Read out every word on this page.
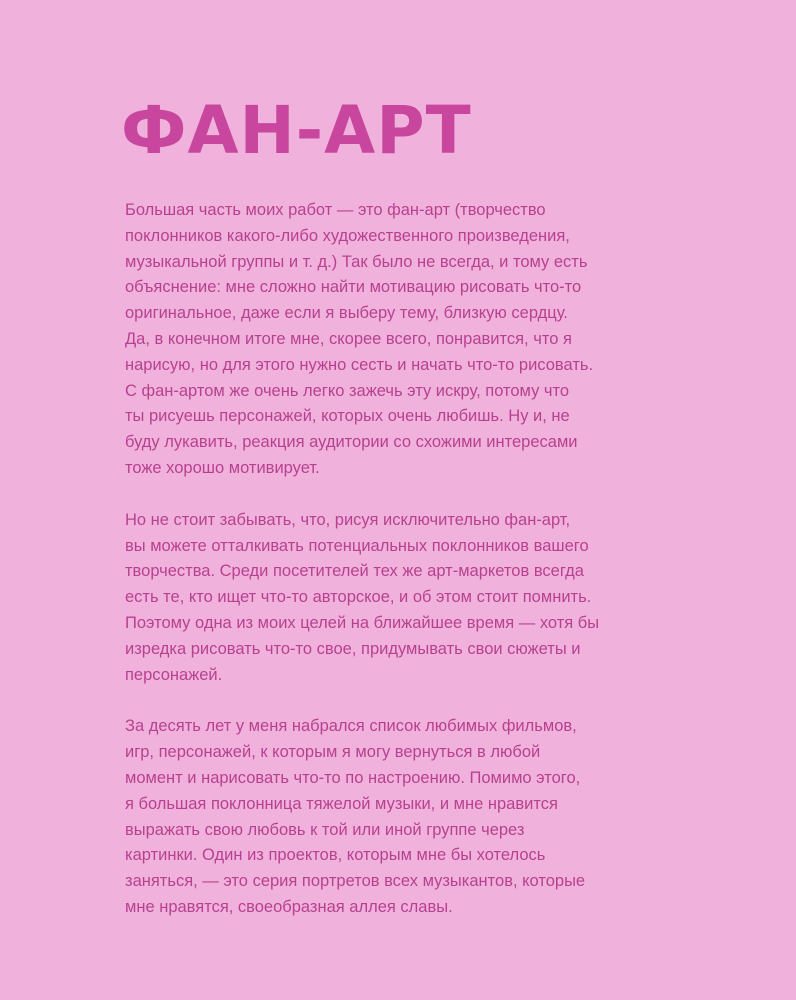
ФАН-АРТ

Большая часть моих работ — это фан-арт (творчество
поклонников какого-либо художественного произведения,
музыкальной группы и т. д.) Так было не всегда, и тому есть
объяснение: мне сложно найти мотивацию рисовать что-то
оригинальное, даже если я выберу тему, близкую сердцу.
Да, в конечном итоге мне, скорее всего, понравится, что я
нарисую, но для этого нужно сесть и начать что-то рисовать.
С фан-артом же очень легко зажечь эту искру, потому что
ты рисуешь персонажей, которых очень любишь. Ну и, не
буду лукавить, реакция аудитории со схожими интересами
тоже хорошо мотивирует.

Но не стоит забывать, что, рисуя исключительно фан-арт,
вы можете отталкивать потенциальных поклонников вашего
творчества. Среди посетителей тех же арт-маркетов всегда
есть те, кто ищет что-то авторское, и об этом стоит помнить.
Поэтому одна из моих целей на ближайшее время — хотя бы
изредка рисовать что-то свое, придумывать свои сюжеты и
персонажей.

За десять лет у меня набрался список любимых фильмов,
игр, персонажей, к которым я могу вернуться в любой
момент и нарисовать что-то по настроению. Помимо этого,
я большая поклонница тяжелой музыки, и мне нравится
выражать свою любовь к той или иной группе через
картинки. Один из проектов, которым мне бы хотелось
заняться, — это серия портретов всех музыкантов, которые
мне нравятся, своеобразная аллея славы.
